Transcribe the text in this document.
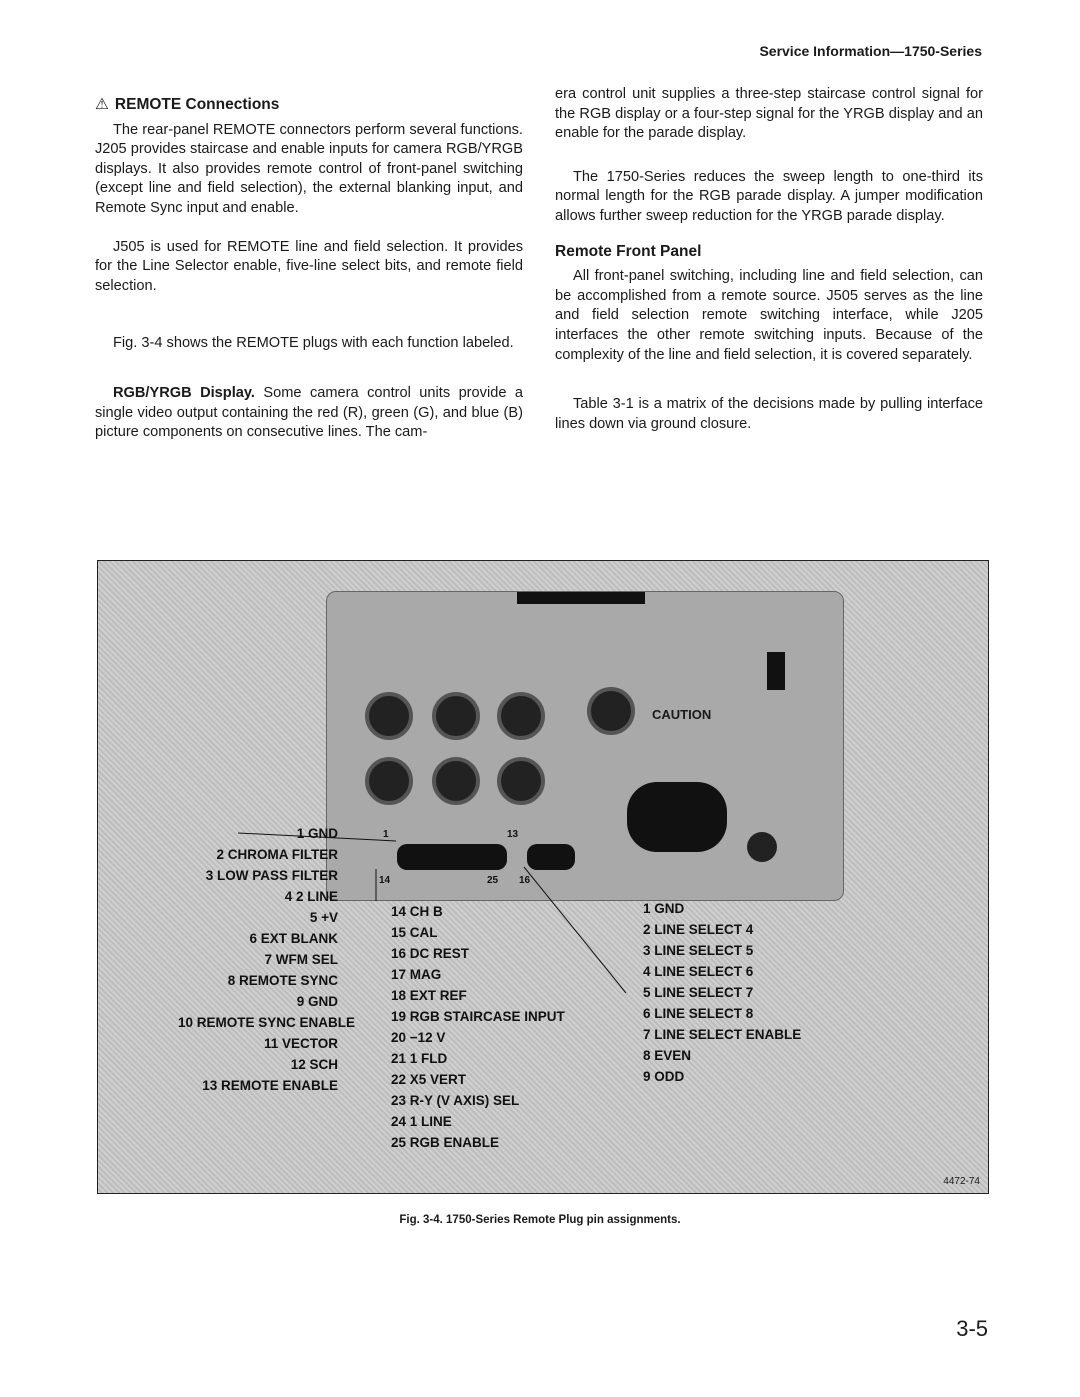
Service Information—1750-Series
⚠ REMOTE Connections

The rear-panel REMOTE connectors perform several functions. J205 provides staircase and enable inputs for camera RGB/YRGB displays. It also provides remote control of front-panel switching (except line and field selection), the external blanking input, and Remote Sync input and enable.

J505 is used for REMOTE line and field selection. It provides for the Line Selector enable, five-line select bits, and remote field selection.

Fig. 3-4 shows the REMOTE plugs with each function labeled.

RGB/YRGB Display. Some camera control units provide a single video output containing the red (R), green (G), and blue (B) picture components on consecutive lines. The cam-

era control unit supplies a three-step staircase control signal for the RGB display or a four-step signal for the YRGB display and an enable for the parade display.

The 1750-Series reduces the sweep length to one-third its normal length for the RGB parade display. A jumper modification allows further sweep reduction for the YRGB parade display.

Remote Front Panel

All front-panel switching, including line and field selection, can be accomplished from a remote source. J505 serves as the line and field selection remote switching interface, while J205 interfaces the other remote switching inputs. Because of the complexity of the line and field selection, it is covered separately.

Table 3-1 is a matrix of the decisions made by pulling interface lines down via ground closure.

CAUTION
1	13
14	25 16
1 GND
2 CHROMA FILTER
3 LOW PASS FILTER
4 2 LINE
5 +V
6 EXT BLANK
7 WFM SEL
8 REMOTE SYNC
9 GND
10 REMOTE SYNC ENABLE
11 VECTOR
12 SCH
13 REMOTE ENABLE
14 CH B
15 CAL
16 DC REST
17 MAG
18 EXT REF
19 RGB STAIRCASE INPUT
20 −12 V
21 1 FLD
22 X5 VERT
23 R-Y (V AXIS) SEL
24 1 LINE
25 RGB ENABLE
1 GND
2 LINE SELECT 4
3 LINE SELECT 5
4 LINE SELECT 6
5 LINE SELECT 7
6 LINE SELECT 8
7 LINE SELECT ENABLE
8 EVEN
9 ODD
4472-74
Fig. 3-4. 1750-Series Remote Plug pin assignments.
3-5
